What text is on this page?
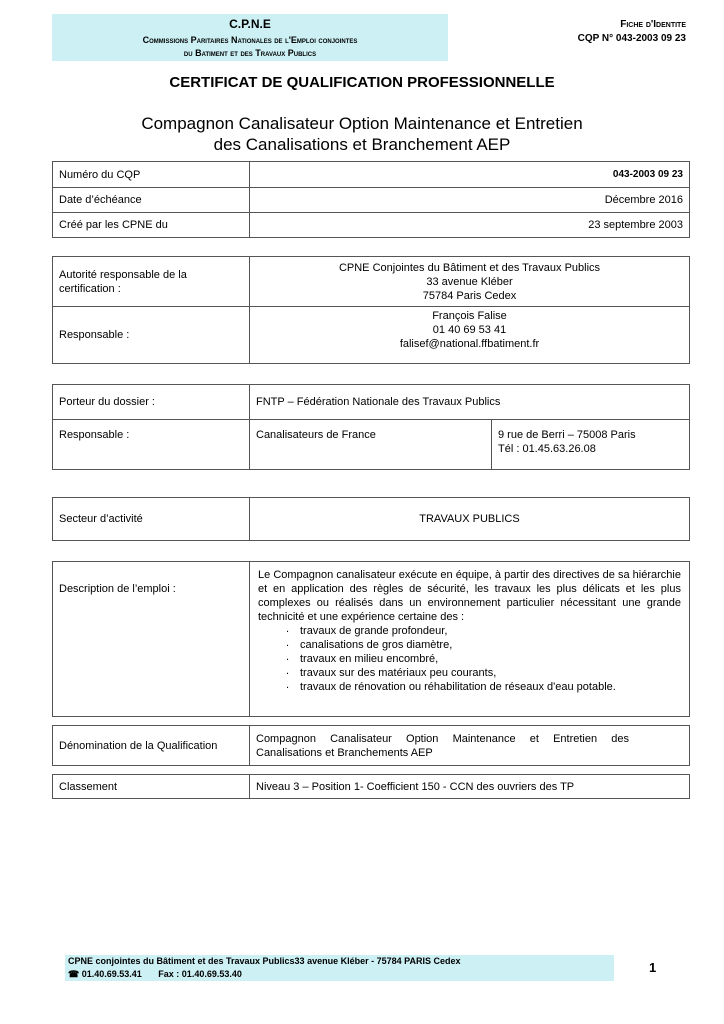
C.P.N.E
Commissions Paritaires Nationales de l'Emploi conjointes
du Batiment et des Travaux Publics
Fiche d'Identite
CQP N° 043-2003 09 23
CERTIFICAT DE QUALIFICATION PROFESSIONNELLE
Compagnon Canalisateur Option Maintenance et Entretien
des Canalisations et Branchement AEP
Numéro du CQP	043-2003 09 23
Date d’échéance	Décembre 2016
Créé par les CPNE du	23 septembre 2003
Autorité responsable de la certification :	CPNE Conjointes du Bâtiment et des Travaux Publics
33 avenue Kléber
75784 Paris Cedex

Responsable :	François Falise
01 40 69 53 41
falisef@national.ffbatiment.fr
Porteur du dossier :	FNTP – Fédération Nationale des Travaux Publics	
Responsable :	Canalisateurs de France	9 rue de Berri – 75008 Paris
Tél : 01.45.63.26.08
Secteur d’activité	TRAVAUX PUBLICS
Description de l’emploi :	
Le Compagnon canalisateur exécute en équipe, à partir des directives de sa hiérarchie et en application des règles de sécurité, les travaux les plus délicats et les plus complexes ou réalisés dans un environnement particulier nécessitant une grande technicité et une expérience certaine des :
. travaux de grande profondeur,
. canalisations de gros diamètre,
. travaux en milieu encombré,
. travaux sur des matériaux peu courants,
. travaux de rénovation ou réhabilitation de réseaux d'eau potable.
Dénomination de la Qualification	Compagnon Canalisateur Option Maintenance et Entretien des Canalisations et Branchements AEP
Classement	Niveau 3 – Position 1- Coefficient 150 - CCN des ouvriers des TP
CPNE conjointes du Bâtiment et des Travaux Publics33 avenue Kléber - 75784 PARIS Cedex
☎ 01.40.69.53.41 Fax : 01.40.69.53.40	1
